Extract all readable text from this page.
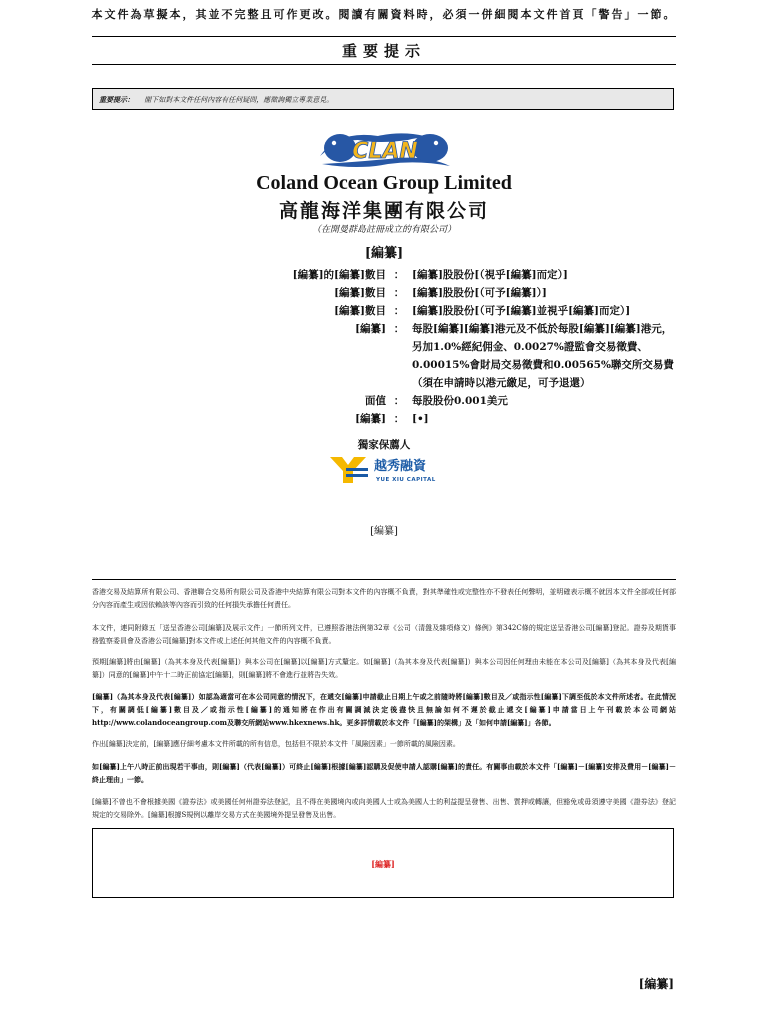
本文件為草擬本，其並不完整且可作更改。閱讀有關資料時，必須一併細閱本文件首頁「警告」一節。
重要提示
重要提示： 閣下如對本文件任何內容有任何疑問，應徵詢獨立專業意見。
CLAN
Coland Ocean Group Limited
高龍海洋集團有限公司
（在開曼群島註冊成立的有限公司）
[編纂]
[編纂]的[編纂]數目 ： [編纂]股股份[（視乎[編纂]而定）]
[編纂]數目 ： [編纂]股股份[（可予[編纂]）]
[編纂]數目 ： [編纂]股股份[（可予[編纂]並視乎[編纂]而定）]
[編纂] ： 每股[編纂][編纂]港元及不低於每股[編纂][編纂]港元，另加1.0%經紀佣金、0.0027%證監會交易徵費、0.00015%會財局交易徵費和0.00565%聯交所交易費（須在申請時以港元繳足，可予退還）
面值 ： 每股股份0.001美元
[編纂] ： [•]
獨家保薦人
越秀融資
YUE XIU CAPITAL
[編纂]
香港交易及結算所有限公司、香港聯合交易所有限公司及香港中央結算有限公司對本文件的內容概不負責，對其準確性或完整性亦不發表任何聲明，並明確表示概不就因本文件全部或任何部分內容而產生或因依賴該等內容而引致的任何損失承擔任何責任。
本文件，連同附錄五「送呈香港公司[編纂]及展示文件」一節所列文件，已遵照香港法例第32章《公司（清盤及雜項條文）條例》第342C條的規定送呈香港公司[編纂]登記。證券及期貨事務監察委員會及香港公司[編纂]對本文件或上述任何其他文件的內容概不負責。
預期[編纂]將由[編纂]（為其本身及代表[編纂]）與本公司在[編纂]以[編纂]方式釐定。如[編纂]（為其本身及代表[編纂]）與本公司因任何理由未能在本公司及[編纂]（為其本身及代表[編纂]）同意的[編纂]中午十二時正前協定[編纂]，則[編纂]將不會進行並將告失效。
[編纂]（為其本身及代表[編纂]）如認為適當可在本公司同意的情況下，在遞交[編纂]申請截止日期上午或之前隨時將[編纂]數目及／或指示性[編纂]下調至低於本文件所述者。在此情況下，有關調低[編纂]數目及／或指示性[編纂]的通知將在作出有關調減決定後盡快且無論如何不遲於截止遞交[編纂]申請當日上午刊載於本公司網站http://www.colandoceangroup.com及聯交所網站www.hkexnews.hk。更多詳情載於本文件「[編纂]的架構」及「如何申請[編纂]」各節。
作出[編纂]決定前，[編纂]應仔細考慮本文件所載的所有信息，包括但不限於本文件「風險因素」一節所載的風險因素。
如[編纂]上午八時正前出現若干事由，則[編纂]（代表[編纂]）可終止[編纂]根據[編纂]認購及促使申請人認購[編纂]的責任。有關事由載於本文件「[編纂]－[編纂]安排及費用－[編纂]－終止理由」一節。
[編纂]不曾也不會根據美國《證券法》或美國任何州證券法登記，且不得在美國境內或向美國人士或為美國人士的利益提呈發售、出售、質押或轉讓，但豁免或毋須遵守美國《證券法》登記規定的交易除外。[編纂]根據S規例以離岸交易方式在美國境外提呈發售及出售。
[編纂]
[編纂]
